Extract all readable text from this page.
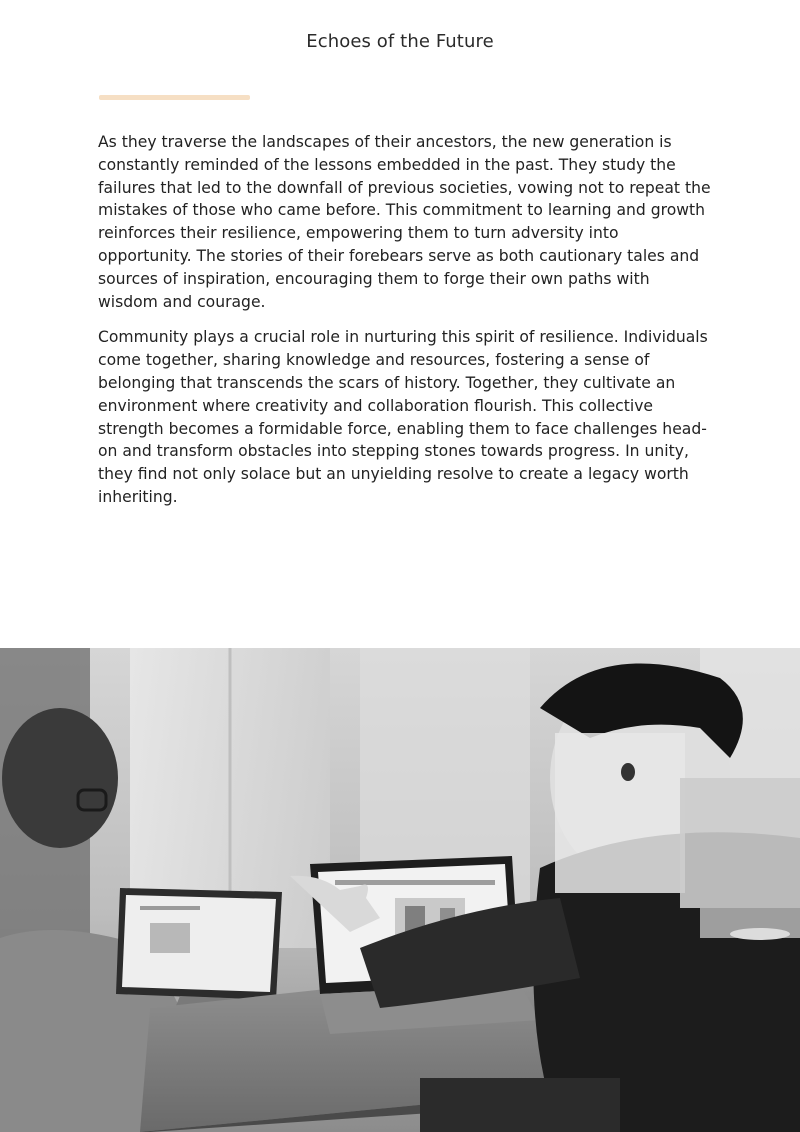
Echoes of the Future

As they traverse the landscapes of their ancestors, the new generation is constantly reminded of the lessons embedded in the past. They study the failures that led to the downfall of previous societies, vowing not to repeat the mistakes of those who came before. This commitment to learning and growth reinforces their resilience, empowering them to turn adversity into opportunity. The stories of their forebears serve as both cautionary tales and sources of inspiration, encouraging them to forge their own paths with wisdom and courage.

Community plays a crucial role in nurturing this spirit of resilience. Individuals come together, sharing knowledge and resources, fostering a sense of belonging that transcends the scars of history. Together, they cultivate an environment where creativity and collaboration flourish. This collective strength becomes a formidable force, enabling them to face challenges head-on and transform obstacles into stepping stones towards progress. In unity, they find not only solace but an unyielding resolve to create a legacy worth inheriting.
